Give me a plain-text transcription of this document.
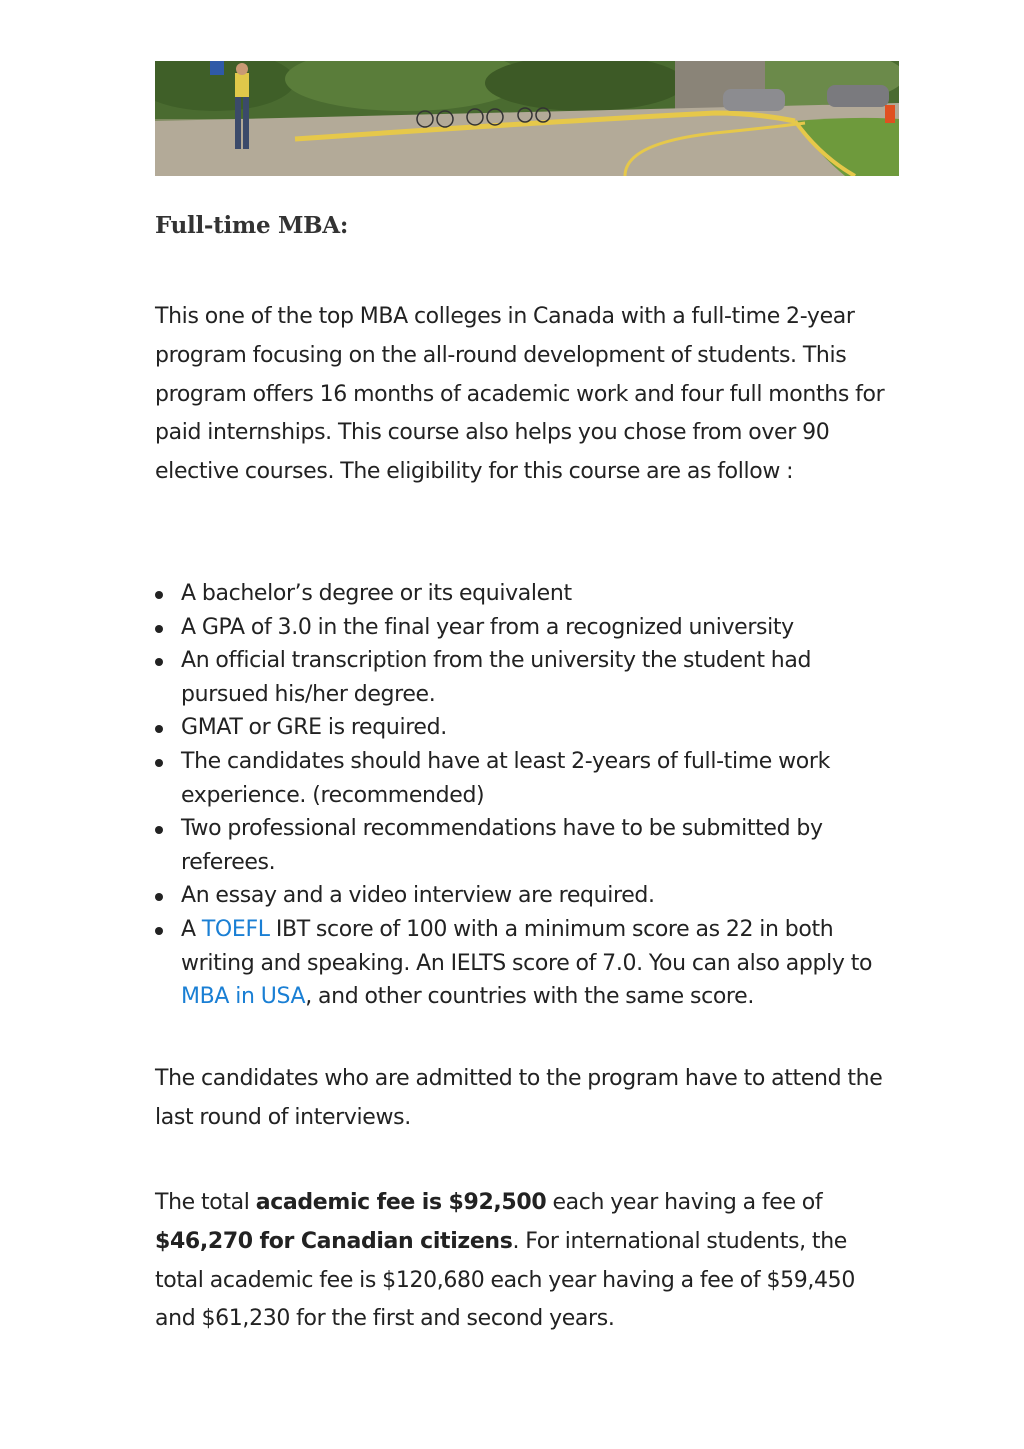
Full-time MBA:

This one of the top MBA colleges in Canada with a full-time 2-year program focusing on the all-round development of students. This program offers 16 months of academic work and four full months for paid internships. This course also helps you chose from over 90 elective courses. The eligibility for this course are as follow :

A bachelor’s degree or its equivalent
A GPA of 3.0 in the final year from a recognized university
An official transcription from the university the student had pursued his/her degree.
GMAT or GRE is required.
The candidates should have at least 2-years of full-time work experience. (recommended)
Two professional recommendations have to be submitted by referees.
An essay and a video interview are required.
A TOEFL IBT score of 100 with a minimum score as 22 in both writing and speaking. An IELTS score of 7.0. You can also apply to MBA in USA, and other countries with the same score.

The candidates who are admitted to the program have to attend the last round of interviews.

The total academic fee is $92,500 each year having a fee of $46,270 for Canadian citizens. For international students, the total academic fee is $120,680 each year having a fee of $59,450 and $61,230 for the first and second years.
